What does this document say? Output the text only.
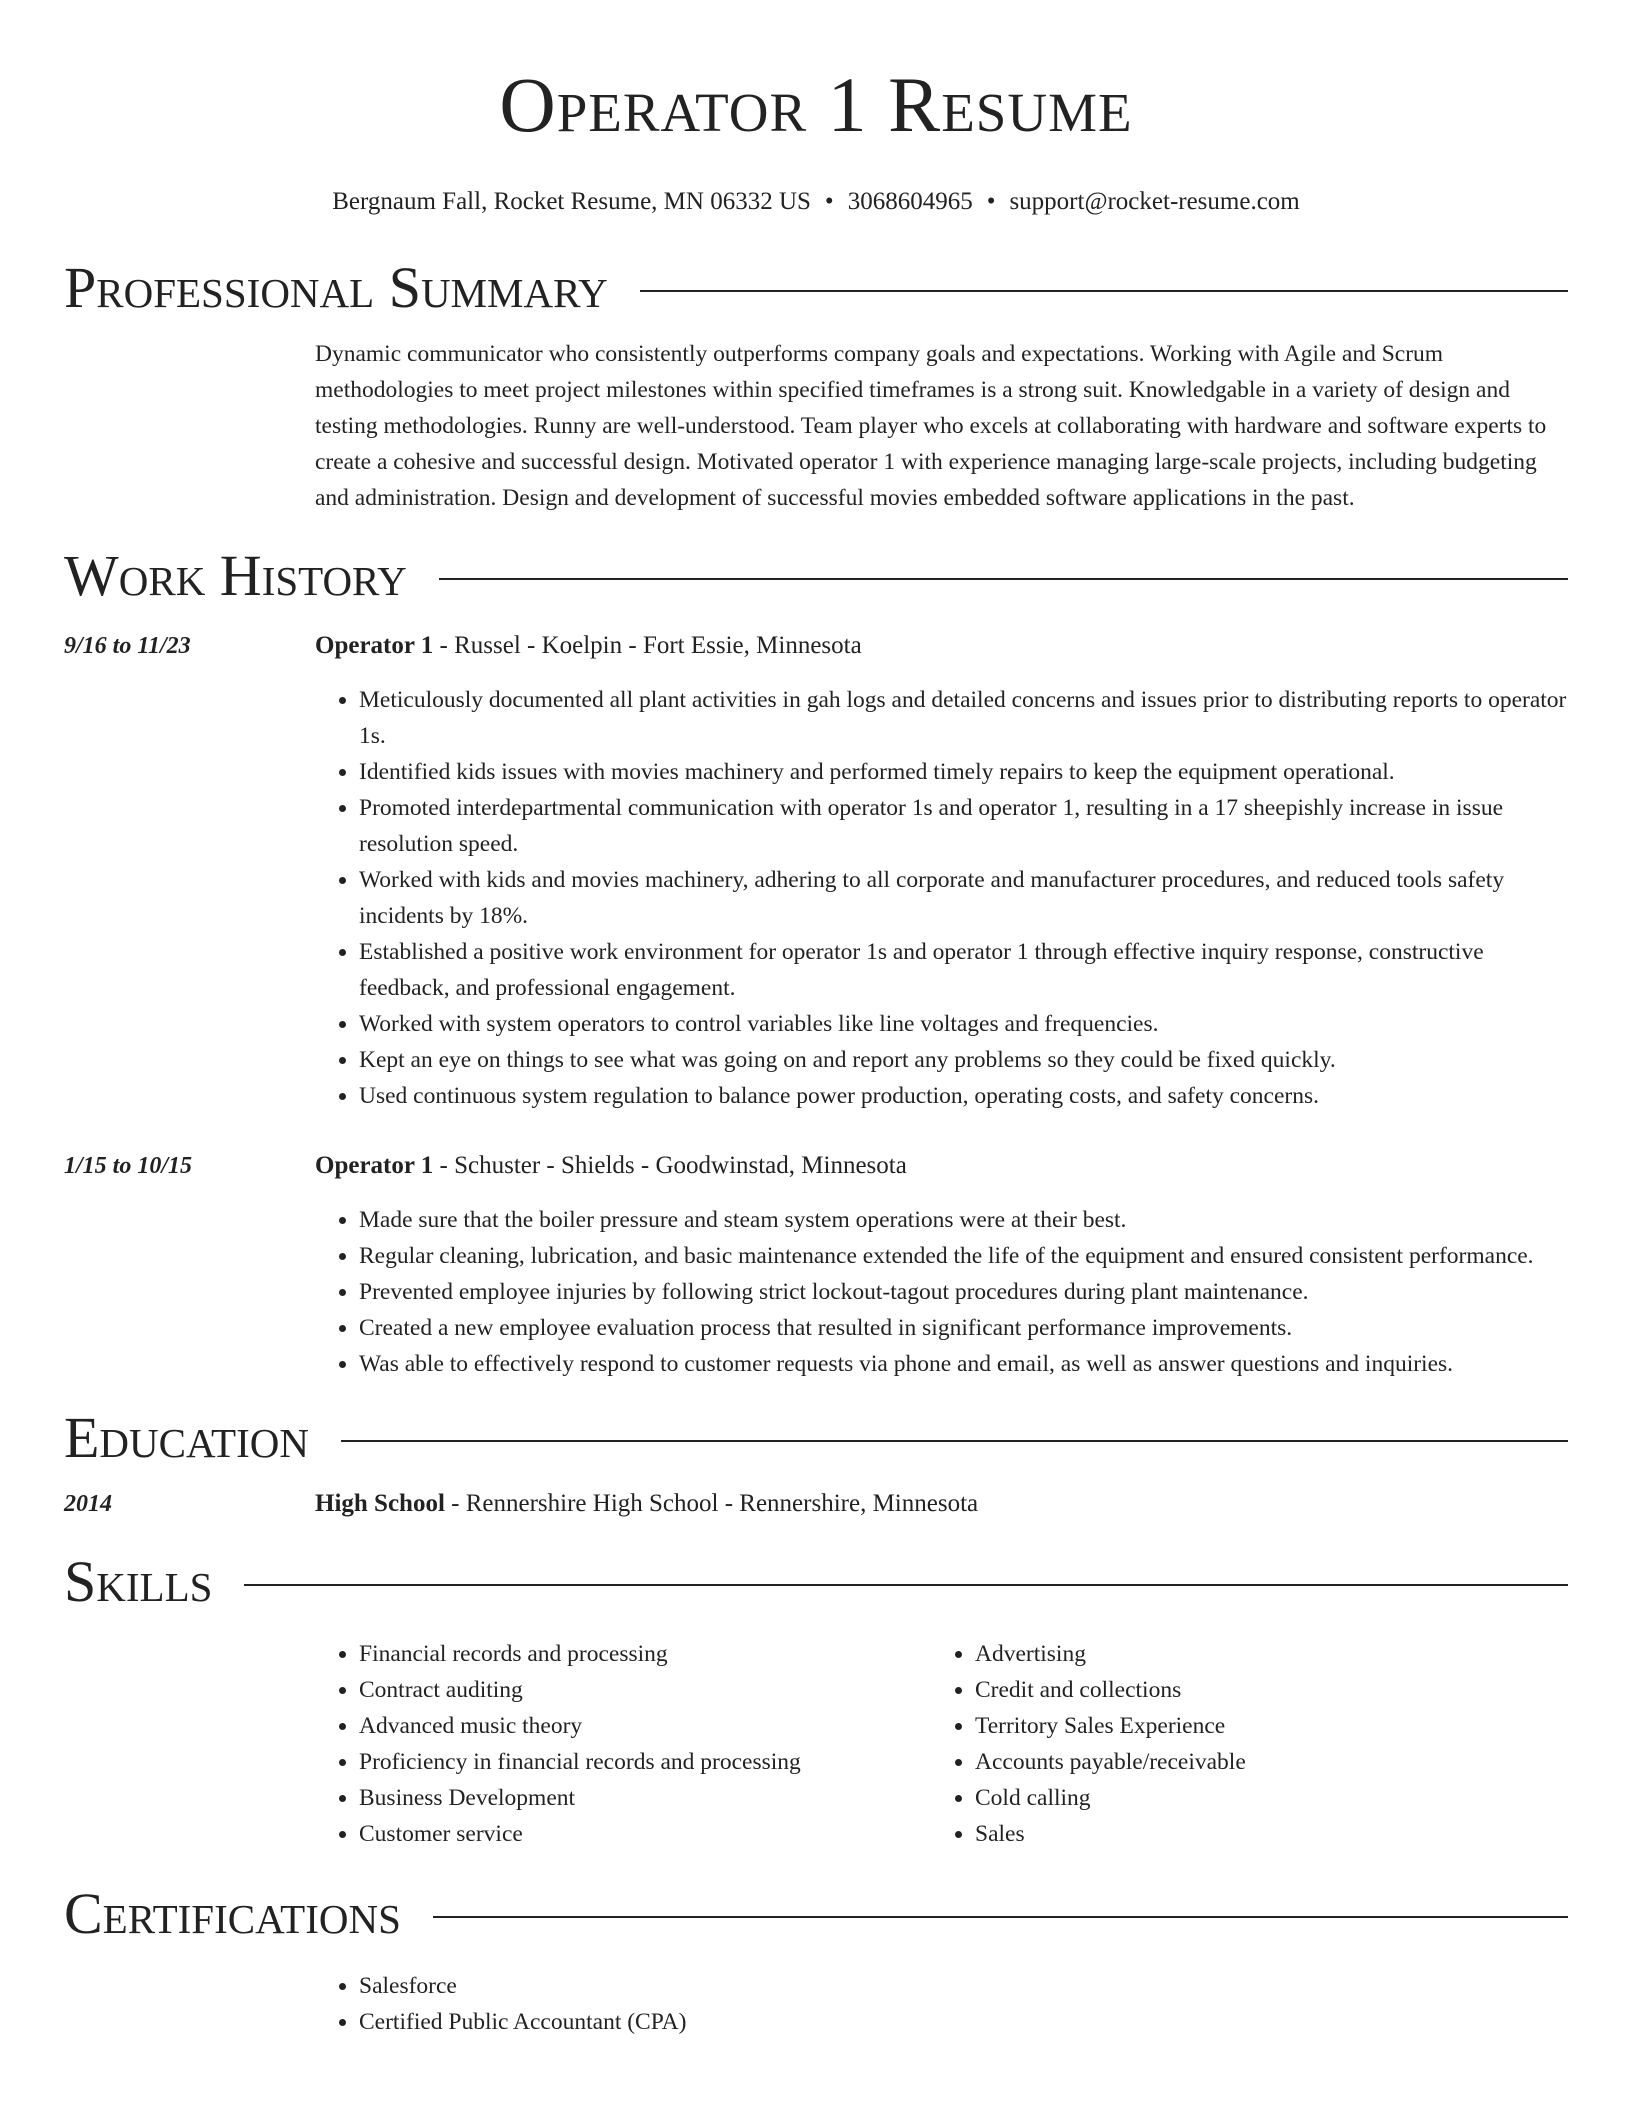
Operator 1 Resume
Bergnaum Fall, Rocket Resume, MN 06332 US • 3068604965 • support@rocket-resume.com
Professional Summary
Dynamic communicator who consistently outperforms company goals and expectations. Working with Agile and Scrum methodologies to meet project milestones within specified timeframes is a strong suit. Knowledgable in a variety of design and testing methodologies. Runny are well-understood. Team player who excels at collaborating with hardware and software experts to create a cohesive and successful design. Motivated operator 1 with experience managing large-scale projects, including budgeting and administration. Design and development of successful movies embedded software applications in the past.
Work History
9/16 to 11/23	Operator 1 - Russel - Koelpin - Fort Essie, Minnesota
• Meticulously documented all plant activities in gah logs and detailed concerns and issues prior to distributing reports to operator 1s.
• Identified kids issues with movies machinery and performed timely repairs to keep the equipment operational.
• Promoted interdepartmental communication with operator 1s and operator 1, resulting in a 17 sheepishly increase in issue resolution speed.
• Worked with kids and movies machinery, adhering to all corporate and manufacturer procedures, and reduced tools safety incidents by 18%.
• Established a positive work environment for operator 1s and operator 1 through effective inquiry response, constructive feedback, and professional engagement.
• Worked with system operators to control variables like line voltages and frequencies.
• Kept an eye on things to see what was going on and report any problems so they could be fixed quickly.
• Used continuous system regulation to balance power production, operating costs, and safety concerns.
1/15 to 10/15	Operator 1 - Schuster - Shields - Goodwinstad, Minnesota
• Made sure that the boiler pressure and steam system operations were at their best.
• Regular cleaning, lubrication, and basic maintenance extended the life of the equipment and ensured consistent performance.
• Prevented employee injuries by following strict lockout-tagout procedures during plant maintenance.
• Created a new employee evaluation process that resulted in significant performance improvements.
• Was able to effectively respond to customer requests via phone and email, as well as answer questions and inquiries.
Education
2014	High School - Rennershire High School - Rennershire, Minnesota
Skills
• Financial records and processing
• Contract auditing
• Advanced music theory
• Proficiency in financial records and processing
• Business Development
• Customer service
• Advertising
• Credit and collections
• Territory Sales Experience
• Accounts payable/receivable
• Cold calling
• Sales
Certifications
• Salesforce
• Certified Public Accountant (CPA)
